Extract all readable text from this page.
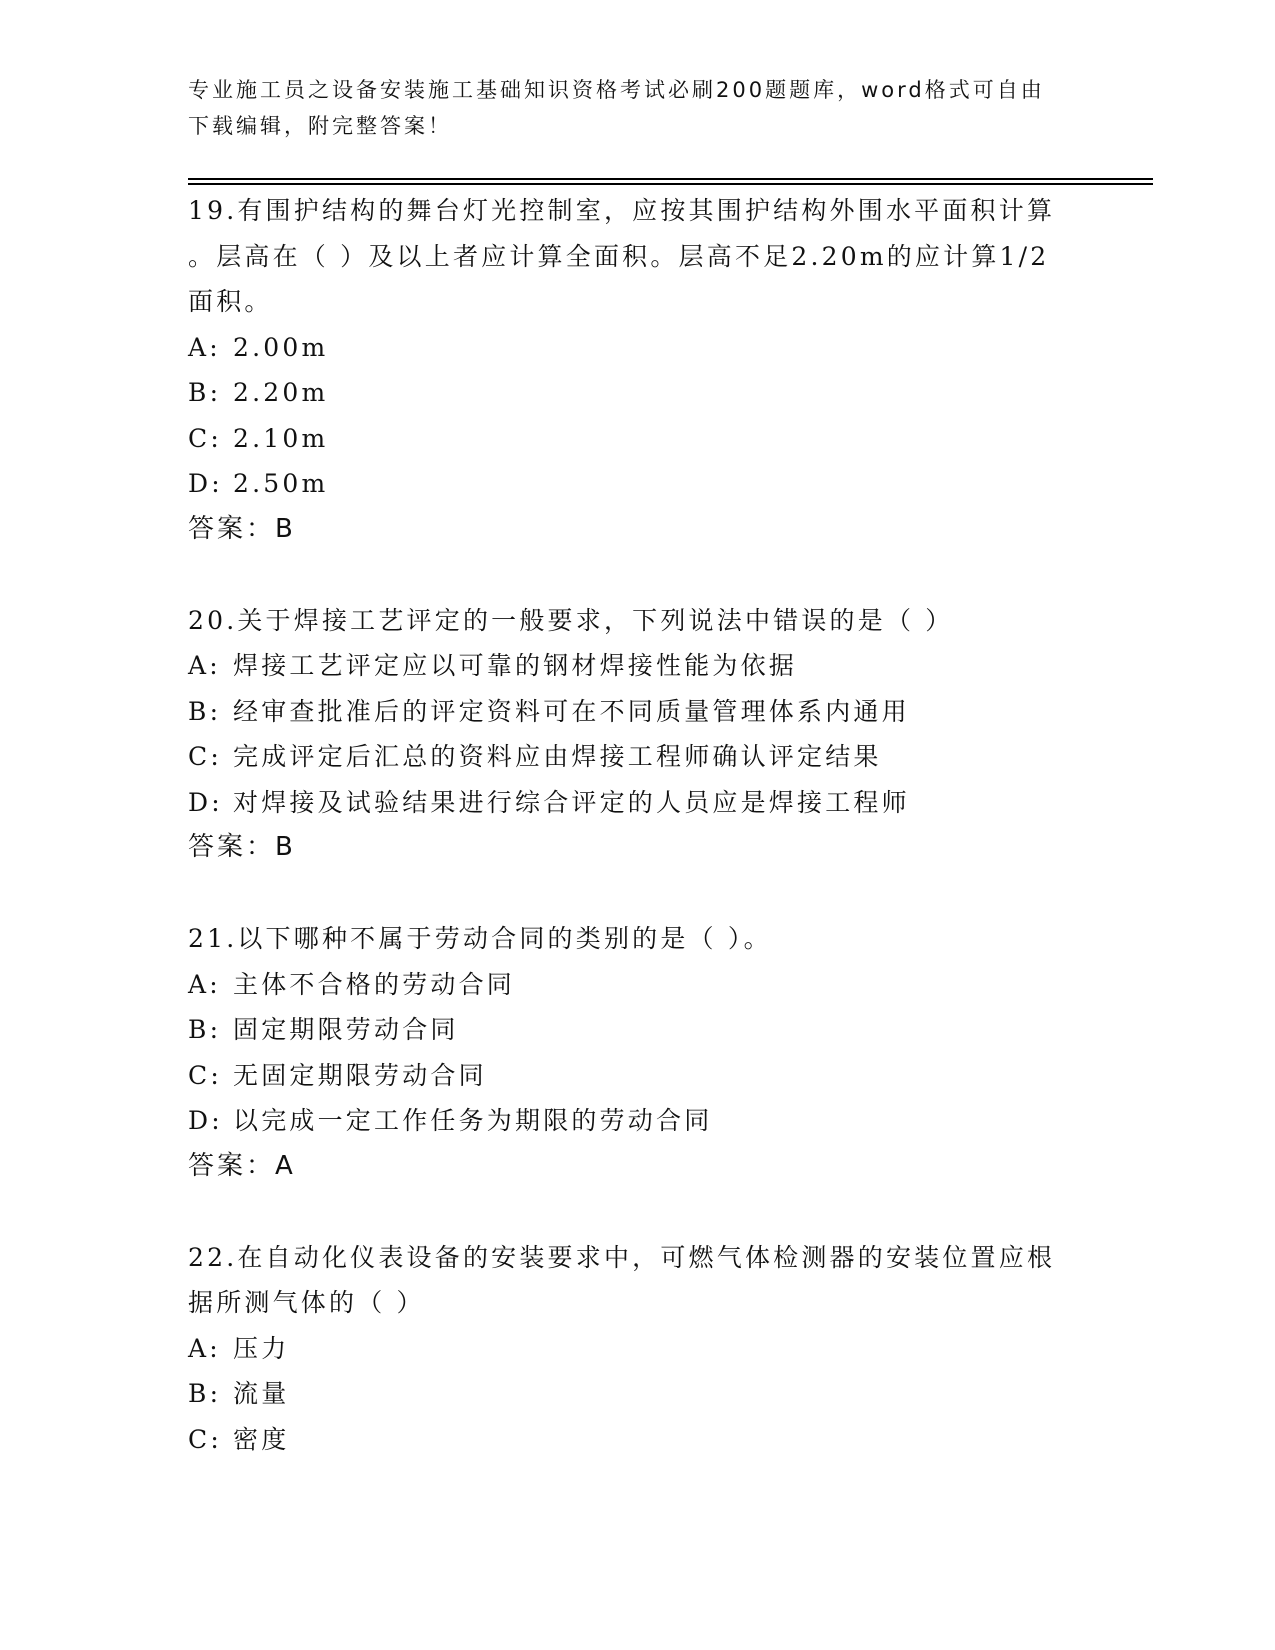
专业施工员之设备安装施工基础知识资格考试必刷200题题库，word格式可自由
下载编辑，附完整答案！
19.有围护结构的舞台灯光控制室，应按其围护结构外围水平面积计算
。层高在（ ）及以上者应计算全面积。层高不足2.20m的应计算1/2
面积。
A: 2.00m
B: 2.20m
C: 2.10m
D: 2.50m
答案：B
20.关于焊接工艺评定的一般要求，下列说法中错误的是（ ）
A: 焊接工艺评定应以可靠的钢材焊接性能为依据
B: 经审查批准后的评定资料可在不同质量管理体系内通用
C: 完成评定后汇总的资料应由焊接工程师确认评定结果
D: 对焊接及试验结果进行综合评定的人员应是焊接工程师
答案：B
21.以下哪种不属于劳动合同的类别的是（ ）。
A: 主体不合格的劳动合同
B: 固定期限劳动合同
C: 无固定期限劳动合同
D: 以完成一定工作任务为期限的劳动合同
答案：A
22.在自动化仪表设备的安装要求中，可燃气体检测器的安装位置应根
据所测气体的（ ）
A: 压力
B: 流量
C: 密度
